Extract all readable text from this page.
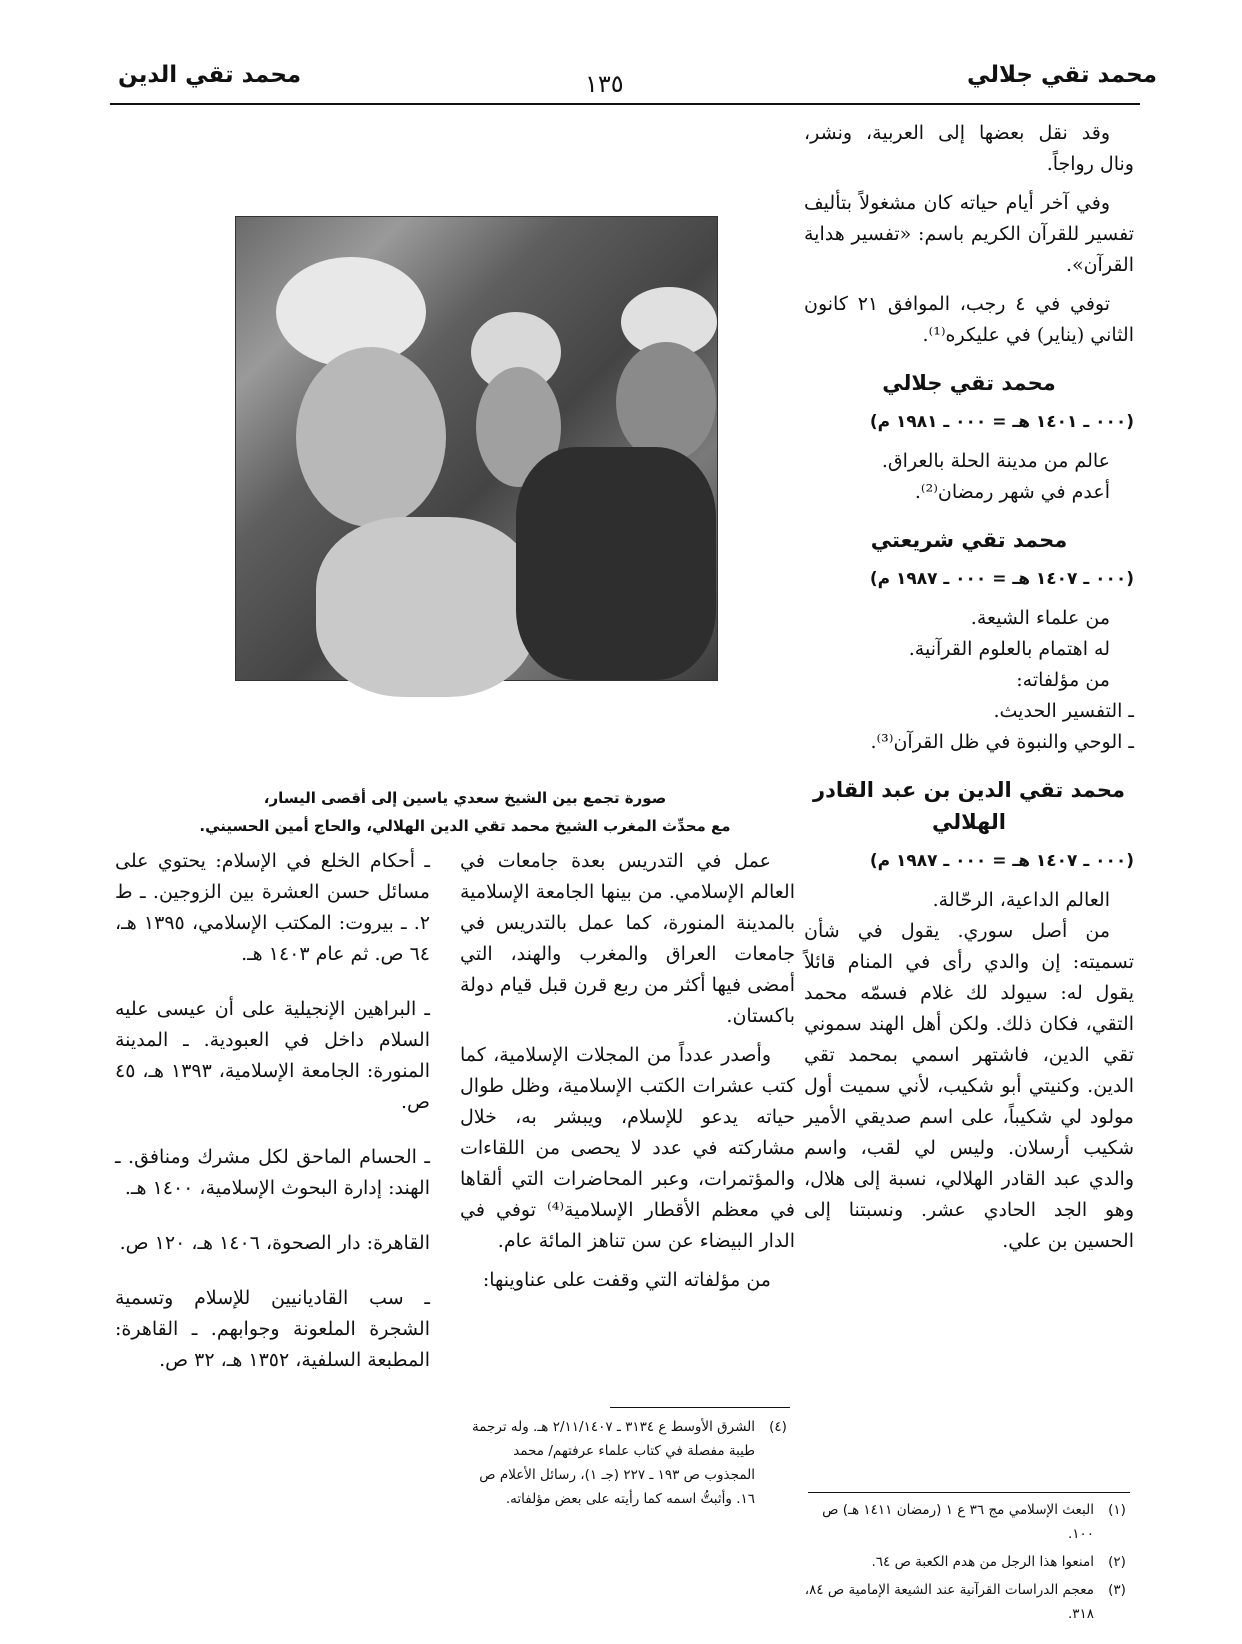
محمد تقي جلالي
١٣٥
محمد تقي الدين

وقد نقل بعضها إلى العربية، ونشر، ونال رواجاً.

وفي آخر أيام حياته كان مشغولاً بتأليف تفسير للقرآن الكريم باسم: «تفسير هداية القرآن».

توفي في ٤ رجب، الموافق ٢١ كانون الثاني (يناير) في عليكره⁽¹⁾.

محمد تقي جلالي
(٠٠٠ ـ ١٤٠١ هـ = ٠٠٠ ـ ١٩٨١ م)
عالم من مدينة الحلة بالعراق.
أعدم في شهر رمضان⁽²⁾.
محمد تقي شريعتي
(٠٠٠ ـ ١٤٠٧ هـ = ٠٠٠ ـ ١٩٨٧ م)
من علماء الشيعة.
له اهتمام بالعلوم القرآنية.
من مؤلفاته:
ـ التفسير الحديث.
ـ الوحي والنبوة في ظل القرآن⁽³⁾.
محمد تقي الدين بن عبد القادر الهلالي
(٠٠٠ ـ ١٤٠٧ هـ = ٠٠٠ ـ ١٩٨٧ م)
العالم الداعية، الرحّالة.

من أصل سوري. يقول في شأن تسميته: إن والدي رأى في المنام قائلاً يقول له: سيولد لك غلام فسمّه محمد التقي، فكان ذلك. ولكن أهل الهند سموني تقي الدين، فاشتهر اسمي بمحمد تقي الدين. وكنيتي أبو شكيب، لأني سميت أول مولود لي شكيباً، على اسم صديقي الأمير شكيب أرسلان. وليس لي لقب، واسم والدي عبد القادر الهلالي، نسبة إلى هلال، وهو الجد الحادي عشر. ونسبتنا إلى الحسين بن علي.

(١)
البعث الإسلامي مج ٣٦ ع ١ (رمضان ١٤١١ هـ) ص ١٠٠.
(٢)
امنعوا هذا الرجل من هدم الكعبة ص ٦٤.
(٣)
معجم الدراسات القرآنية عند الشيعة الإمامية ص ٨٤، ٣١٨.
صورة تجمع بين الشيخ سعدي ياسين إلى أقصى اليسار،
مع محدِّث المغرب الشيخ محمد تقي الدين الهلالي، والحاج أمين الحسيني.

عمل في التدريس بعدة جامعات في العالم الإسلامي. من بينها الجامعة الإسلامية بالمدينة المنورة، كما عمل بالتدريس في جامعات العراق والمغرب والهند، التي أمضى فيها أكثر من ربع قرن قبل قيام دولة باكستان.

وأصدر عدداً من المجلات الإسلامية، كما كتب عشرات الكتب الإسلامية، وظل طوال حياته يدعو للإسلام، ويبشر به، خلال مشاركته في عدد لا يحصى من اللقاءات والمؤتمرات، وعبر المحاضرات التي ألقاها في معظم الأقطار الإسلامية⁽⁴⁾ توفي في الدار البيضاء عن سن تناهز المائة عام.

من مؤلفاته التي وقفت على عناوينها:

(٤)
الشرق الأوسط ع ٣١٣٤ ـ ٢/١١/١٤٠٧ هـ. وله ترجمة طيبة مفصلة في كتاب علماء عرفتهم/ محمد المجذوب ص ١٩٣ ـ ٢٢٧ (جـ ١)، رسائل الأعلام ص ١٦. وأثبتُّ اسمه كما رأيته على بعض مؤلفاته.

ـ أحكام الخلع في الإسلام: يحتوي على مسائل حسن العشرة بين الزوجين. ـ ط ٢. ـ بيروت: المكتب الإسلامي، ١٣٩٥ هـ، ٦٤ ص. ثم عام ١٤٠٣ هـ.

ـ البراهين الإنجيلية على أن عيسى عليه السلام داخل في العبودية. ـ المدينة المنورة: الجامعة الإسلامية، ١٣٩٣ هـ، ٤٥ ص.

ـ الحسام الماحق لكل مشرك ومنافق. ـ الهند: إدارة البحوث الإسلامية، ١٤٠٠ هـ.

القاهرة: دار الصحوة، ١٤٠٦ هـ، ١٢٠ ص.

ـ سب القاديانيين للإسلام وتسمية الشجرة الملعونة وجوابهم. ـ القاهرة: المطبعة السلفية، ١٣٥٢ هـ، ٣٢ ص.
